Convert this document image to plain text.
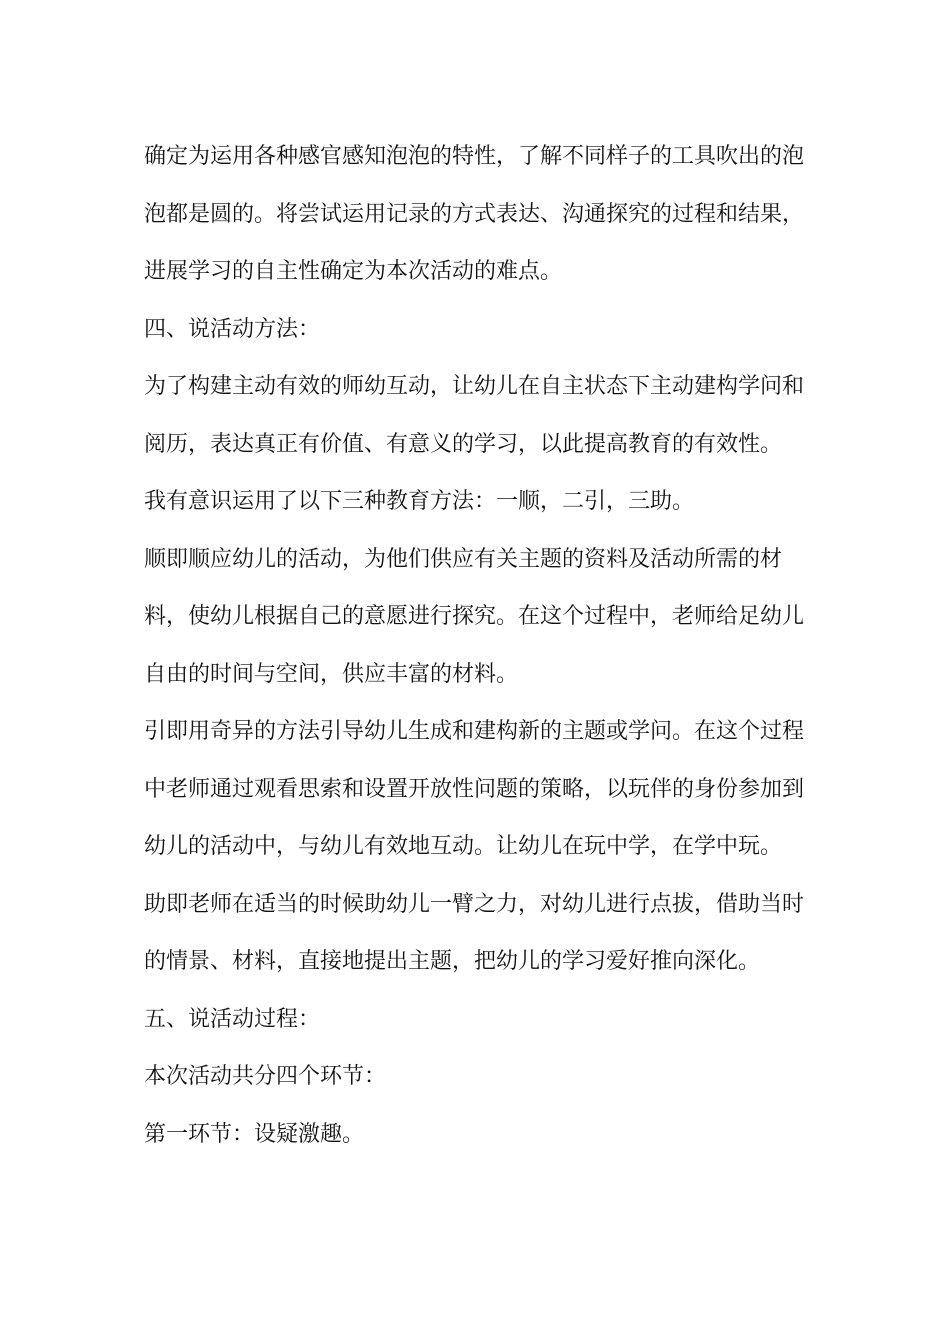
确定为运用各种感官感知泡泡的特性，了解不同样子的工具吹出的泡泡都是圆的。将尝试运用记录的方式表达、沟通探究的过程和结果，进展学习的自主性确定为本次活动的难点。

四、说活动方法：

为了构建主动有效的师幼互动，让幼儿在自主状态下主动建构学问和阅历，表达真正有价值、有意义的学习，以此提高教育的有效性。

我有意识运用了以下三种教育方法：一顺，二引，三助。

顺即顺应幼儿的活动，为他们供应有关主题的资料及活动所需的材料，使幼儿根据自己的意愿进行探究。在这个过程中，老师给足幼儿自由的时间与空间，供应丰富的材料。

引即用奇异的方法引导幼儿生成和建构新的主题或学问。在这个过程中老师通过观看思索和设置开放性问题的策略，以玩伴的身份参加到幼儿的活动中，与幼儿有效地互动。让幼儿在玩中学，在学中玩。

助即老师在适当的时候助幼儿一臂之力，对幼儿进行点拔，借助当时的情景、材料，直接地提出主题，把幼儿的学习爱好推向深化。

五、说活动过程：

本次活动共分四个环节：

第一环节：设疑激趣。
